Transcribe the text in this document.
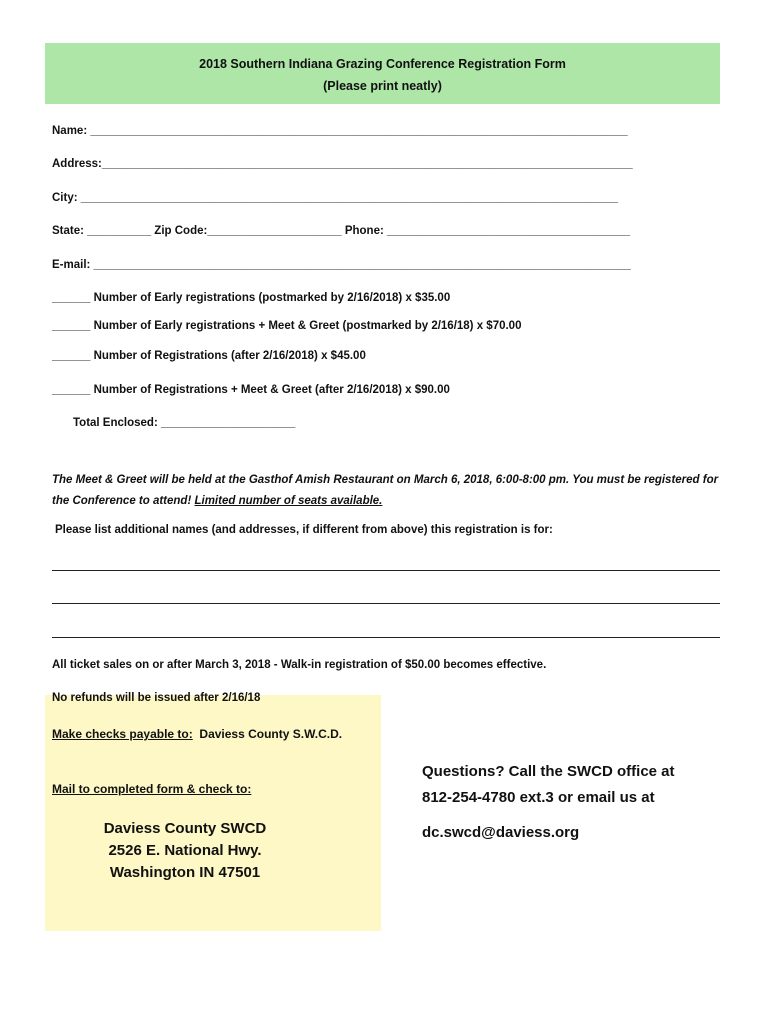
2018 Southern Indiana Grazing Conference Registration Form
(Please print neatly)
Name: ____________________________________________________________________________________
Address:___________________________________________________________________________________
City: ____________________________________________________________________________________
State: __________ Zip Code:_____________________ Phone: ______________________________________
E-mail: ____________________________________________________________________________________
______ Number of Early registrations (postmarked by 2/16/2018) x $35.00
______ Number of Early registrations + Meet & Greet (postmarked by 2/16/18) x $70.00
______ Number of Registrations (after 2/16/2018) x $45.00
______ Number of Registrations + Meet & Greet (after 2/16/2018) x $90.00
Total Enclosed: _____________________
The Meet & Greet will be held at the Gasthof Amish Restaurant on March 6, 2018, 6:00-8:00 pm. You must be registered for the Conference to attend! Limited number of seats available.
Please list additional names (and addresses, if different from above) this registration is for:
All ticket sales on or after March 3, 2018 - Walk-in registration of $50.00 becomes effective.
No refunds will be issued after 2/16/18
Make checks payable to: Daviess County S.W.C.D.
Mail to completed form & check to:
Daviess County SWCD
2526 E. National Hwy.
Washington IN 47501
Questions? Call the SWCD office at
812-254-4780 ext.3 or email us at
dc.swcd@daviess.org
